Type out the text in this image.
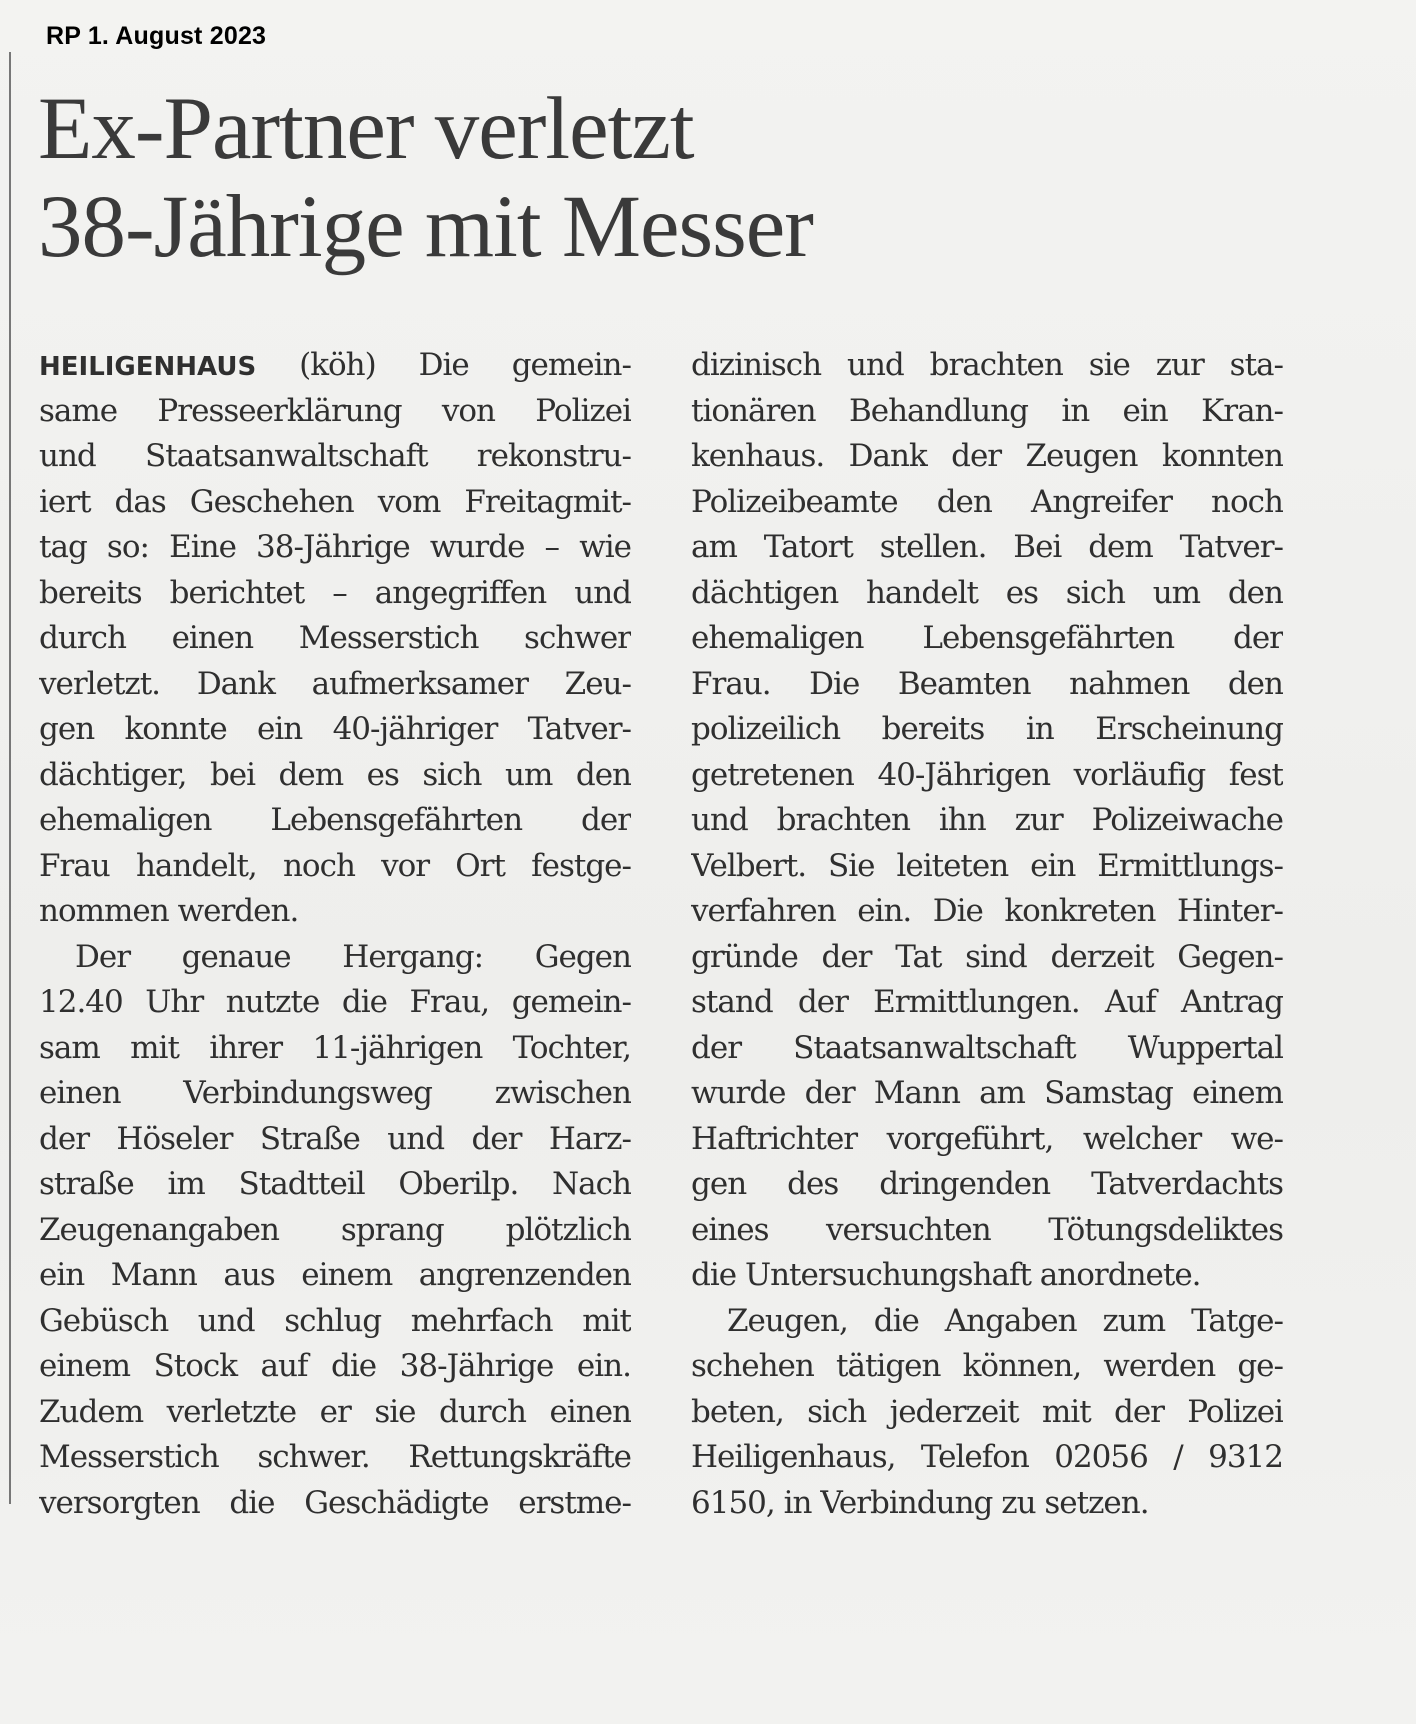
RP 1. August 2023
Ex-Partner verletzt
38-Jährige mit Messer
HEILIGENHAUS (köh) Die gemein-
same Presseerklärung von Polizei
und Staatsanwaltschaft rekonstru-
iert das Geschehen vom Freitagmit-
tag so: Eine 38-Jährige wurde – wie
bereits berichtet – angegriffen und
durch einen Messerstich schwer
verletzt. Dank aufmerksamer Zeu-
gen konnte ein 40-jähriger Tatver-
dächtiger, bei dem es sich um den
ehemaligen Lebensgefährten der
Frau handelt, noch vor Ort festge-
nommen werden.
Der genaue Hergang: Gegen
12.40 Uhr nutzte die Frau, gemein-
sam mit ihrer 11-jährigen Tochter,
einen Verbindungsweg zwischen
der Höseler Straße und der Harz-
straße im Stadtteil Oberilp. Nach
Zeugenangaben sprang plötzlich
ein Mann aus einem angrenzenden
Gebüsch und schlug mehrfach mit
einem Stock auf die 38-Jährige ein.
Zudem verletzte er sie durch einen
Messerstich schwer. Rettungskräfte
versorgten die Geschädigte erstme-
dizinisch und brachten sie zur sta-
tionären Behandlung in ein Kran-
kenhaus. Dank der Zeugen konnten
Polizeibeamte den Angreifer noch
am Tatort stellen. Bei dem Tatver-
dächtigen handelt es sich um den
ehemaligen Lebensgefährten der
Frau. Die Beamten nahmen den
polizeilich bereits in Erscheinung
getretenen 40-Jährigen vorläufig fest
und brachten ihn zur Polizeiwache
Velbert. Sie leiteten ein Ermittlungs-
verfahren ein. Die konkreten Hinter-
gründe der Tat sind derzeit Gegen-
stand der Ermittlungen. Auf Antrag
der Staatsanwaltschaft Wuppertal
wurde der Mann am Samstag einem
Haftrichter vorgeführt, welcher we-
gen des dringenden Tatverdachts
eines versuchten Tötungsdeliktes
die Untersuchungshaft anordnete.
Zeugen, die Angaben zum Tatge-
schehen tätigen können, werden ge-
beten, sich jederzeit mit der Polizei
Heiligenhaus, Telefon 02056 / 9312
6150, in Verbindung zu setzen.
